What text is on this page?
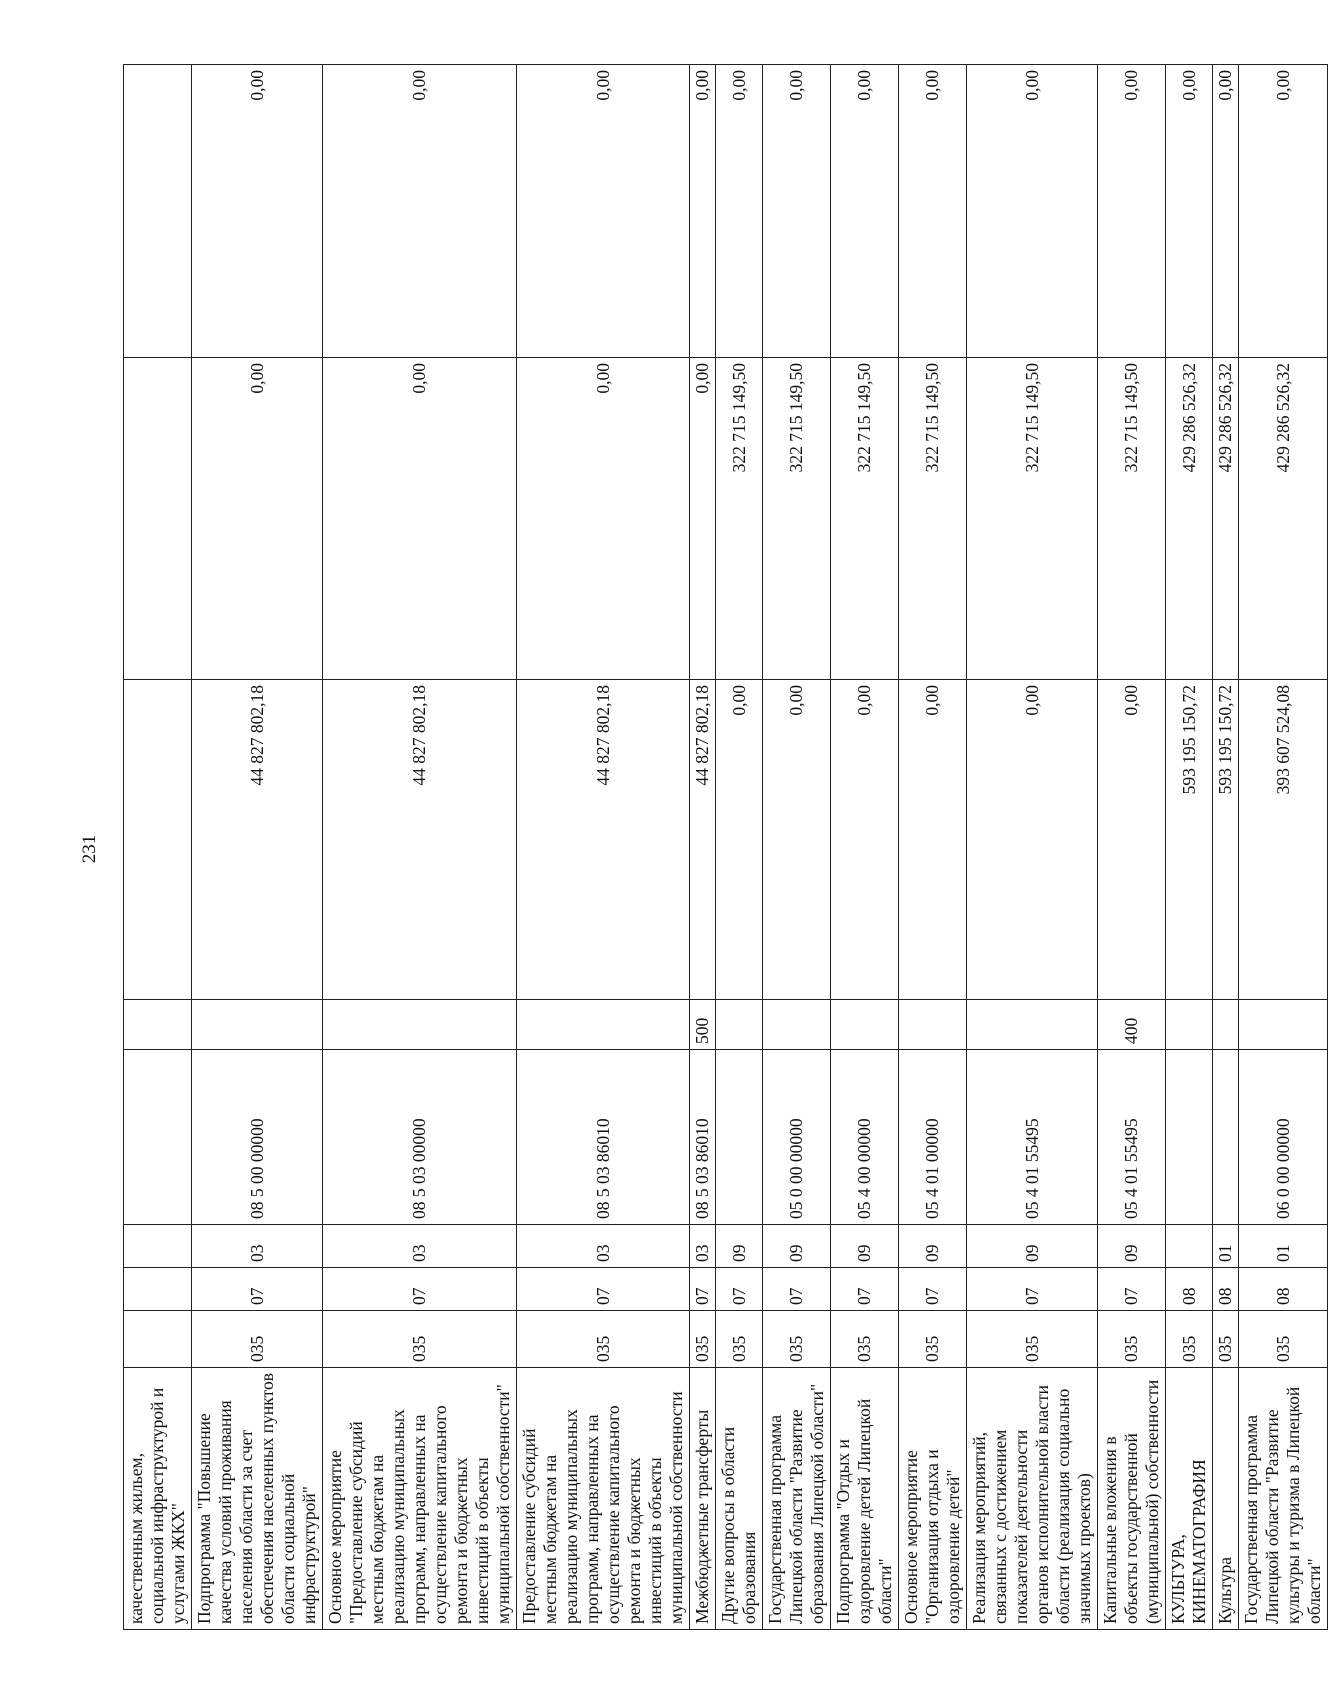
231
качественным жильем, социальной инфраструктурой и услугами ЖКХ"								
Подпрограмма "Повышение качества условий проживания населения области за счет обеспечения населенных пунктов области социальной инфраструктурой"	035	07	03	08 5 00 00000		44 827 802,18	0,00	0,00
Основное мероприятие "Предоставление субсидий местным бюджетам на реализацию муниципальных программ, направленных на осуществление капитального ремонта и бюджетных инвестиций в объекты муниципальной собственности"	035	07	03	08 5 03 00000		44 827 802,18	0,00	0,00
Предоставление субсидий местным бюджетам на реализацию муниципальных программ, направленных на осуществление капитального ремонта и бюджетных инвестиций в объекты муниципальной собственности	035	07	03	08 5 03 86010		44 827 802,18	0,00	0,00
Межбюджетные трансферты	035	07	03	08 5 03 86010	500	44 827 802,18	0,00	0,00
Другие вопросы в области образования	035	07	09			0,00	322 715 149,50	0,00
Государственная программа Липецкой области "Развитие образования Липецкой области"	035	07	09	05 0 00 00000		0,00	322 715 149,50	0,00
Подпрограмма "Отдых и оздоровление детей Липецкой области"	035	07	09	05 4 00 00000		0,00	322 715 149,50	0,00
Основное мероприятие "Организация отдыха и оздоровление детей"	035	07	09	05 4 01 00000		0,00	322 715 149,50	0,00
Реализация мероприятий, связанных с достижением показателей деятельности органов исполнительной власти области (реализация социально значимых проектов)	035	07	09	05 4 01 55495		0,00	322 715 149,50	0,00
Капитальные вложения в объекты государственной (муниципальной) собственности	035	07	09	05 4 01 55495	400	0,00	322 715 149,50	0,00
КУЛЬТУРА, КИНЕМАТОГРАФИЯ	035	08				593 195 150,72	429 286 526,32	0,00
Культура	035	08	01			593 195 150,72	429 286 526,32	0,00
Государственная программа Липецкой области "Развитие культуры и туризма в Липецкой области"	035	08	01	06 0 00 00000		393 607 524,08	429 286 526,32	0,00
